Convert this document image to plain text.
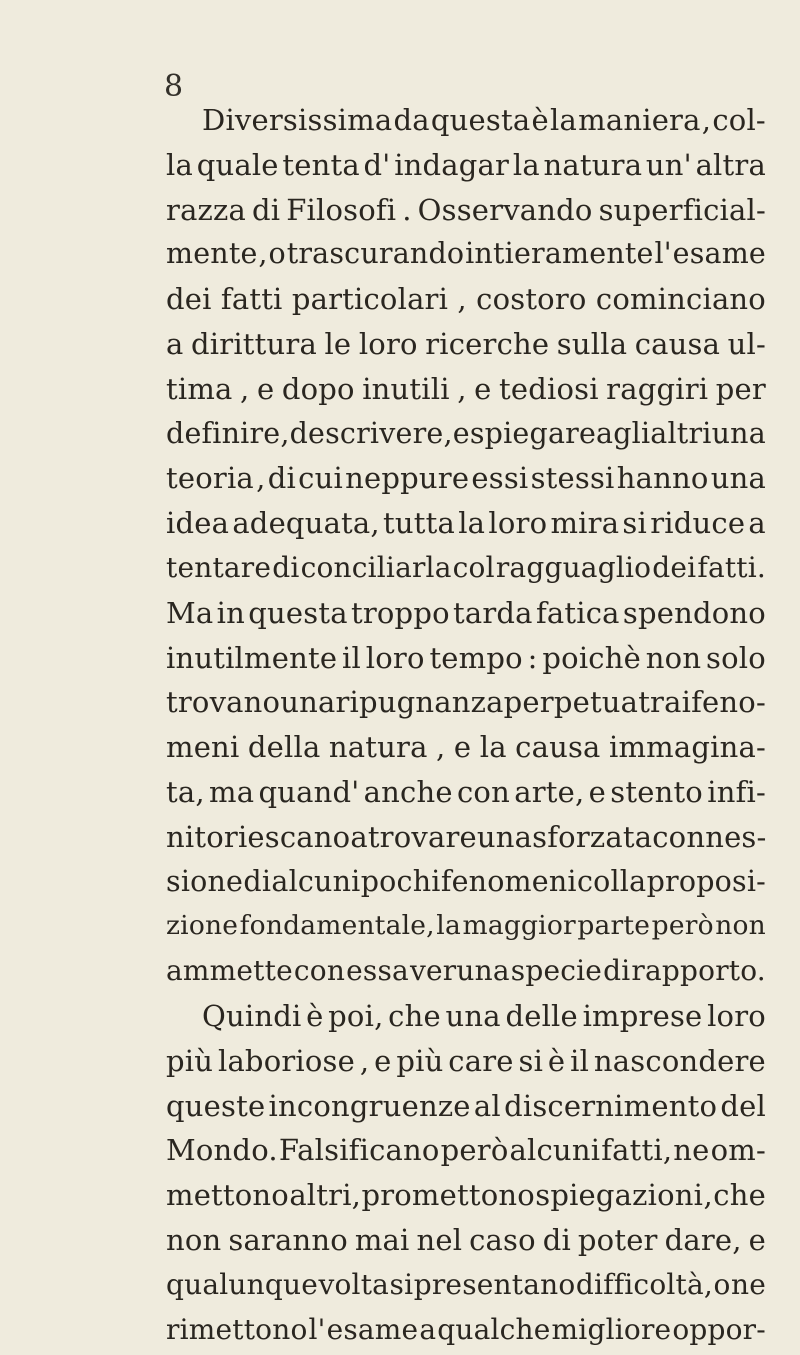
8
Diversissima da questa è la maniera , col-
la quale tenta d' indagar la natura un' altra
razza di Filosofi . Osservando superficial-
mente , o trascurando intieramente l' esame
dei fatti particolari , costoro cominciano
a dirittura le loro ricerche sulla causa ul-
tima , e dopo inutili , e tediosi raggiri per
definire, descrivere , e spiegare agli altri una
teoria , di cui neppure essi stessi hanno una
idea adequata, tutta la loro mira si riduce a
tentare di conciliarla col ragguaglio dei fatti.
Ma in questa troppo tarda fatica spendono
inutilmente il loro tempo : poichè non solo
trovano una ripugnanza perpetua tra i feno-
meni della natura , e la causa immagina-
ta, ma quand' anche con arte, e stento infi-
nito riescano a trovare una sforzata connes-
sione di alcuni pochi fenomeni colla proposi-
zione fondamentale, la maggior parte però non
ammette con essa veruna specie di rapporto.
Quindi è poi, che una delle imprese loro
più laboriose , e più care si è il nascondere
queste incongruenze al discernimento del
Mondo. Falsificano però alcuni fatti, ne om-
mettono altri, promettono spiegazioni , che
non saranno mai nel caso di poter dare, e
qualunque volta si presentano difficoltà, o ne
rimettono l' esame a qualche migliore oppor-
